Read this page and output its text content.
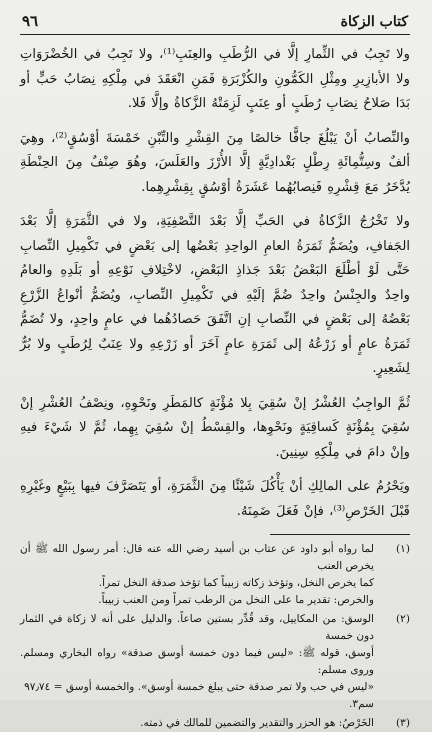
كتاب الزكاة
٩٦

ولا تَجِبُ في الثِّمارِ إلَّا في الرُّطَبِ والعِنَبِ⁽¹⁾، ولا تَجِبُ في الخُضْرَوَاتِ ولا الأبازِيرِ ومِثْلِ الكَمُّونِ والكُزْبَرَةِ فَمَنِ انْعَقَدَ في مِلْكِهِ نِصَابُ حَبٍّ أو بَدَا صَلاحُ نِصَابِ رُطَبٍ أو عِنَبٍ لَزِمَتْهُ الزَّكاةُ وإلَّا فَلا.

والنِّصابُ أنْ يَبْلُغَ جافًّا خالصًا مِنَ القِشْرِ والتِّبْنِ خَمْسَةَ أوْسُقٍ⁽²⁾، وهِيَ ألفٌ وسِتُّمِائَةِ رِطْلٍ بَغْدادِيَّةٍ إلَّا الأُرْزَ والعَلَسَ، وهُوَ صِنْفٌ مِنَ الحِنْطَةِ يُدَّخَرُ مَعَ قِشْرِهِ فَنِصابُهُما عَشَرَةُ أوْسُقٍ بِقِشْرِهِما.

ولا تَخْرُجُ الزَّكاةُ في الحَبِّ إلَّا بَعْدَ التَّصْفِيَةِ، ولا في الثَّمَرَةِ إلَّا بَعْدَ الجَفافِ، ويُضَمُّ ثَمَرَةُ العامِ الواحِدِ بَعْضُها إلى بَعْضٍ في تَكْمِيلِ النِّصابِ حَتَّى لَوْ أطْلَعَ البَعْضُ بَعْدَ جَذاذِ البَعْضِ، لاخْتِلافِ نَوْعِهِ أو بَلَدِهِ والعامُ واحِدٌ والجِنْسُ واحِدٌ ضُمَّ إلَيْهِ في تَكْمِيلِ النِّصابِ، ويُضَمُّ أنْواعُ الزَّرْعِ بَعْضُهُ إلى بَعْضٍ في النِّصابِ إنِ اتَّفَقَ حَصادُهُما في عامٍ واحِدٍ، ولا تُضَمُّ ثَمَرَةُ عامٍ أو زَرْعُهُ إلى ثَمَرَةِ عامٍ آخَرَ أو زَرْعِهِ ولا عِنَبٌ لِرُطَبٍ ولا بُرٌّ لِشَعِيرٍ.

ثُمَّ الواجِبُ العُشْرُ إنْ سُقِيَ بِلا مُؤْنَةٍ كالمَطَرِ ونَحْوِهِ، ونِصْفُ العُشْرِ إنْ سُقِيَ بِمُؤْنَةٍ كَساقِيَةٍ ونَحْوِها، والقِسْطُ إنْ سُقِيَ بِهِما، ثُمَّ لا شَيْءَ فيهِ وإنْ دامَ في مِلْكِهِ سِنِينَ.

ويَحْرُمُ على المالِكِ أنْ يَأْكُلَ شَيْئًا مِنَ الثَّمَرَةِ، أو يَتَصَرَّفَ فيها بِبَيْعٍ وغَيْرِهِ قَبْلَ الخَرْصِ⁽³⁾، فإنْ فَعَلَ ضَمِنَهُ.

(١)
لما رواه أبو داود عن عتاب بن أسيد رضي الله عنه قال: أمر رسول الله ﷺ أن يخرص العنب
كما يخرص النخل، وتؤخذ زكاته زبيباً كما تؤخذ صدقة النخل تمراً.
والخرص: تقدير ما على النخل من الرطب تمراً ومن العنب زبيباً.
(٢)
الوسق: من المكاييل، وقد قُدِّر بستين صاعاً. والدليل على أنه لا زكاة في الثمار دون خمسة
أوسق، قوله ﷺ: «ليس فيما دون خمسة أوسق صدقة» رواه البخاري ومسلم. وروى مسلم:
«ليس في حب ولا تمر صدقة حتى يبلغ خمسة أوسق». والخمسة أوسق = ٩٧٫٧٤
سم٣.
(٣)
الخَرْصُ: هو الحزر والتقدير والتضمين للمالك في ذمته.
